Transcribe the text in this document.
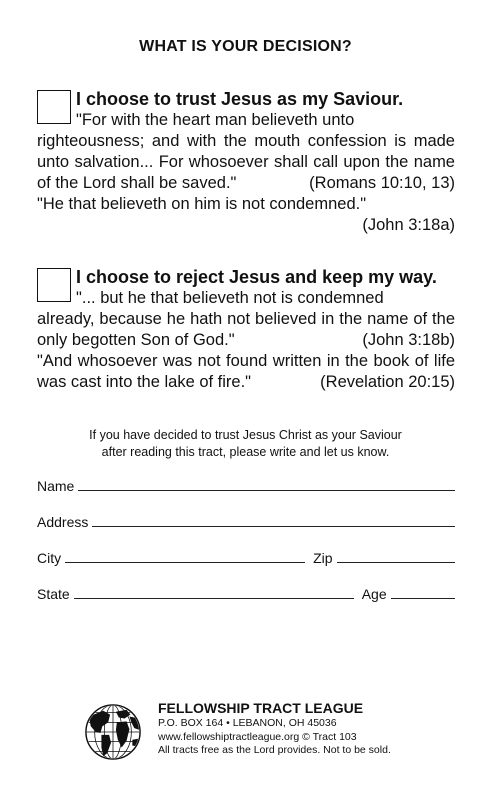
WHAT IS YOUR DECISION?
I choose to trust Jesus as my Saviour.
"For with the heart man believeth unto
righteousness; and with the mouth confession is made unto salvation... For whosoever shall call upon the name of the Lord shall be saved."	(Romans 10:10, 13)
"He that believeth on him is not condemned."
(John 3:18a)
I choose to reject Jesus and keep my way.
"... but he that believeth not is condemned
already, because he hath not believed in the name of the only begotten Son of God."	(John 3:18b)
"And whosoever was not found written in the book of life was cast into the lake of fire."	(Revelation 20:15)
If you have decided to trust Jesus Christ as your Saviour
after reading this tract, please write and let us know.
Name
Address
City	Zip
State	Age
FELLOWSHIP TRACT LEAGUE
P.O. BOX 164 • LEBANON, OH 45036
www.fellowshiptractleague.org © Tract 103
All tracts free as the Lord provides. Not to be sold.
